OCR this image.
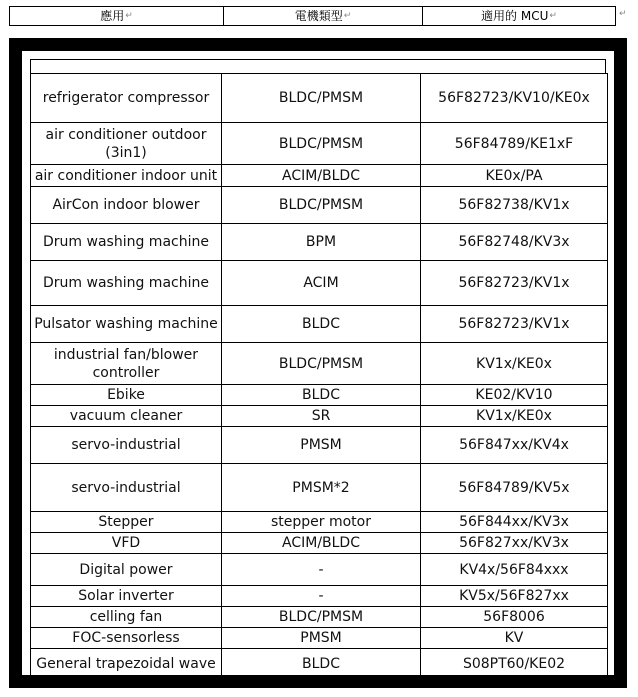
應用↵	電機類型↵	適用的 MCU↵	↵
refrigerator compressor	BLDC/PMSM	56F82723/KV10/KE0x
air conditioner outdoor (3in1)	BLDC/PMSM	56F84789/KE1xF
air conditioner indoor unit	ACIM/BLDC	KE0x/PA
AirCon indoor blower	BLDC/PMSM	56F82738/KV1x
Drum washing machine	BPM	56F82748/KV3x
Drum washing machine	ACIM	56F82723/KV1x
Pulsator washing machine	BLDC	56F82723/KV1x
industrial fan/blower controller	BLDC/PMSM	KV1x/KE0x
Ebike	BLDC	KE02/KV10
vacuum cleaner	SR	KV1x/KE0x
servo-industrial	PMSM	56F847xx/KV4x
servo-industrial	PMSM*2	56F84789/KV5x
Stepper	stepper motor	56F844xx/KV3x
VFD	ACIM/BLDC	56F827xx/KV3x
Digital power	-	KV4x/56F84xxx
Solar inverter	-	KV5x/56F827xx
celling fan	BLDC/PMSM	56F8006
FOC-sensorless	PMSM	KV
General trapezoidal wave	BLDC	S08PT60/KE02
